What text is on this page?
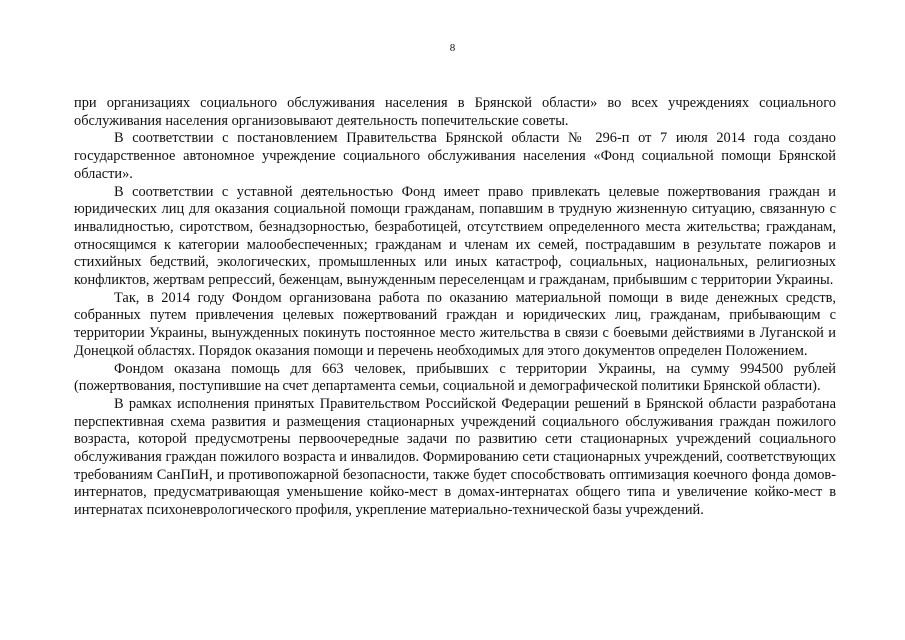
8

при организациях социального обслуживания населения в Брянской области» во всех учреждениях социального обслуживания населения организовывают деятельность попечительские советы.

В соответствии с постановлением Правительства Брянской области № 296-п от 7 июля 2014 года создано государственное автономное учреждение социального обслуживания населения «Фонд социальной помощи Брянской области».

В соответствии с уставной деятельностью Фонд имеет право привлекать целевые пожертвования граждан и юридических лиц для оказания социальной помощи гражданам, попавшим в трудную жизненную ситуацию, связанную с инвалидностью, сиротством, безнадзорностью, безработицей, отсутствием определенного места жительства; гражданам, относящимся к категории малообеспеченных; гражданам и членам их семей, пострадавшим в результате пожаров и стихийных бедствий, экологических, промышленных или иных катастроф, социальных, национальных, религиозных конфликтов, жертвам репрессий, беженцам, вынужденным переселенцам и гражданам, прибывшим с территории Украины.

Так, в 2014 году Фондом организована работа по оказанию материальной помощи в виде денежных средств, собранных путем привлечения целевых пожертвований граждан и юридических лиц, гражданам, прибывающим с территории Украины, вынужденных покинуть постоянное место жительства в связи с боевыми действиями в Луганской и Донецкой областях. Порядок оказания помощи и перечень необходимых для этого документов определен Положением.

Фондом оказана помощь для 663 человек, прибывших с территории Украины, на сумму 994500 рублей (пожертвования, поступившие на счет департамента семьи, социальной и демографической политики Брянской области).

В рамках исполнения принятых Правительством Российской Федерации решений в Брянской области разработана перспективная схема развития и размещения стационарных учреждений социального обслуживания граждан пожилого возраста, которой предусмотрены первоочередные задачи по развитию сети стационарных учреждений социального обслуживания граждан пожилого возраста и инвалидов. Формированию сети стационарных учреждений, соответствующих требованиям СанПиН, и противопожарной безопасности, также будет способствовать оптимизация коечного фонда домов-интернатов, предусматривающая уменьшение койко-мест в домах-интернатах общего типа и увеличение койко-мест в интернатах психоневрологического профиля, укрепление материально-технической базы учреждений.
